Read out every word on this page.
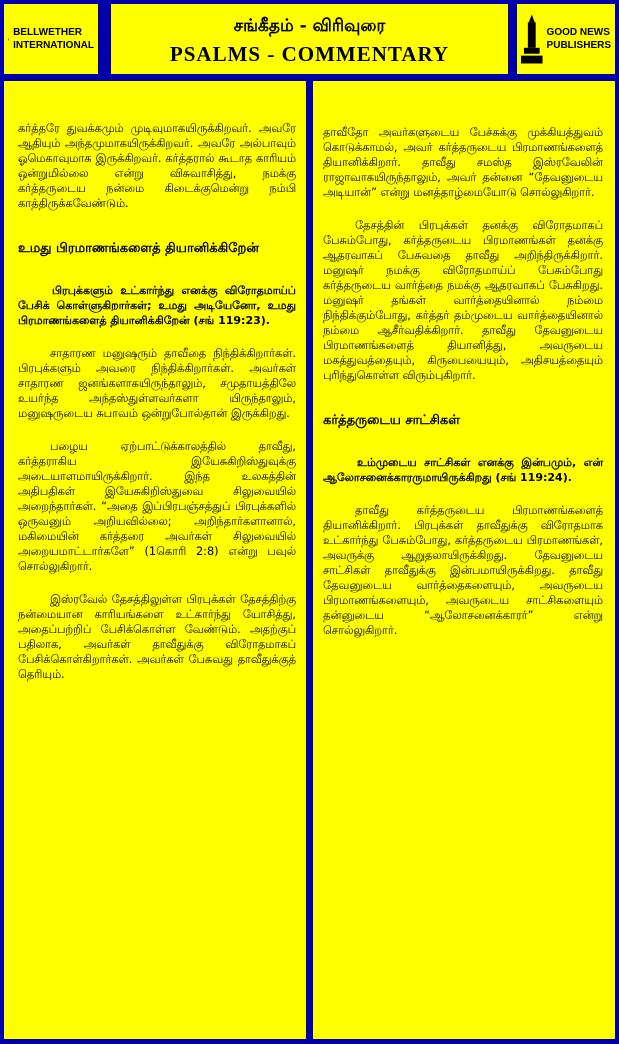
BELLWETHER
INTERNATIONAL
சங்கீதம் - விரிவுரை
PSALMS - COMMENTARY
GOOD NEWS
PUBLISHERS

கர்த்தரே துவக்கமும் முடிவுமாகயிருக்கிறவர். அவரே ஆதியும் அந்தமுமாகயிருக்கிறவர். அவரே அல்பாவும் ஓமெகாவுமாக இருக்கிறவர். கர்த்தரால் கூடாத காரியம் ஒன்றுமில்லை என்று விசுவாசித்து, நமக்கு கர்த்தருடைய நன்மை கிடைக்குமென்று நம்பி காத்திருக்கவேண்டும்.

உமது பிரமாணங்களைத் தியானிக்கிறேன்

பிரபுக்களும் உட்கார்ந்து எனக்கு விரோதமாய்ப் பேசிக் கொள்ளுகிறார்கள்; உமது அடியேனோ, உமது பிரமாணங்களைத் தியானிக்கிறேன் (சங் 119:23).

சாதாரண மனுஷரும் தாவீதை நிந்திக்கிறார்கள். பிரபுக்களும் அவரை நிந்திக்கிறார்கள். அவர்கள் சாதாரண ஜனங்களாகயிருந்தாலும், சமுதாயத்திலே உயர்ந்த அந்தஸ்துள்ளவர்களா யிருந்தாலும், மனுஷருடைய சுபாவம் ஒன்றுபோல்தான் இருக்கிறது.

பழைய ஏற்பாட்டுக்காலத்தில் தாவீது, கர்த்தராகிய இயேசுகிறிஸ்துவுக்கு அடையாளமாயிருக்கிறார். இந்த உலகத்தின் அதிபதிகள் இயேசுகிறிஸ்துவை சிலுவையில் அறைந்தார்கள். “அதை இப்பிரபஞ்சத்துப் பிரபுக்களில் ஒருவனும் அறியவில்லை; அறிந்தார்களானால், மகிமையின் கர்த்தரை அவர்கள் சிலுவையில் அறையமாட்டார்களே” (1கொரி 2:8) என்று பவுல் சொல்லுகிறார்.

இஸ்ரவேல் தேசத்திலுள்ள பிரபுக்கள் தேசத்திற்கு நன்மையான காரியங்களை உட்கார்ந்து யோசித்து, அதைப்பற்றிப் பேசிக்கொள்ள வேண்டும். அதற்குப் பதிலாக, அவர்கள் தாவீதுக்கு விரோதமாகப் பேசிக்கொள்கிறார்கள். அவர்கள் பேசுவது தாவீதுக்குத் தெரியும்.

தாவீதோ அவர்களுடைய பேச்சுக்கு முக்கியத்துவம் கொடுக்காமல், அவர் கர்த்தருடைய பிரமாணங்களைத் தியானிக்கிறார். தாவீது சமஸ்த இஸ்ரவேலின் ராஜாவாகயிருந்தாலும், அவர் தன்னை “தேவனுடைய அடியான்” என்று மனத்தாழ்மையோடு சொல்லுகிறார்.

தேசத்தின் பிரபுக்கள் தனக்கு விரோதமாகப் பேசும்போது, கர்த்தருடைய பிரமாணங்கள் தனக்கு ஆதரவாகப் பேசுவதை தாவீது அறிந்திருக்கிறார். மனுஷர் நமக்கு விரோதமாய்ப் பேசும்போது கர்த்தருடைய வார்த்தை நமக்கு ஆதரவாகப் பேசுகிறது. மனுஷர் தங்கள் வார்த்தையினால் நம்மை நிந்திக்கும்போது, கர்த்தர் தம்முடைய வார்த்தையினால் நம்மை ஆசீர்வதிக்கிறார். தாவீது தேவனுடைய பிரமாணங்களைத் தியானித்து, அவருடைய மகத்துவத்தையும், கிருபையையும், அதிசயத்தையும் புரிந்துகொள்ள விரும்புகிறார்.

கர்த்தருடைய சாட்சிகள்

உம்முடைய சாட்சிகள் எனக்கு இன்பமும், என் ஆலோசனைக்காரருமாயிருக்கிறது (சங் 119:24).

தாவீது கர்த்தருடைய பிரமாணங்களைத் தியானிக்கிறார். பிரபுக்கள் தாவீதுக்கு விரோதமாக உட்கார்ந்து பேசும்போது, கர்த்தருடைய பிரமாணங்கள், அவருக்கு ஆறுதலாயிருக்கிறது. தேவனுடைய சாட்சிகள் தாவீதுக்கு இன்பமாயிருக்கிறது. தாவீது தேவனுடைய வார்த்தைகளையும், அவருடைய பிரமாணங்களையும், அவருடைய சாட்சிகளையும் தன்னுடைய “ஆலோசனைக்காரர்” என்று சொல்லுகிறார்.
